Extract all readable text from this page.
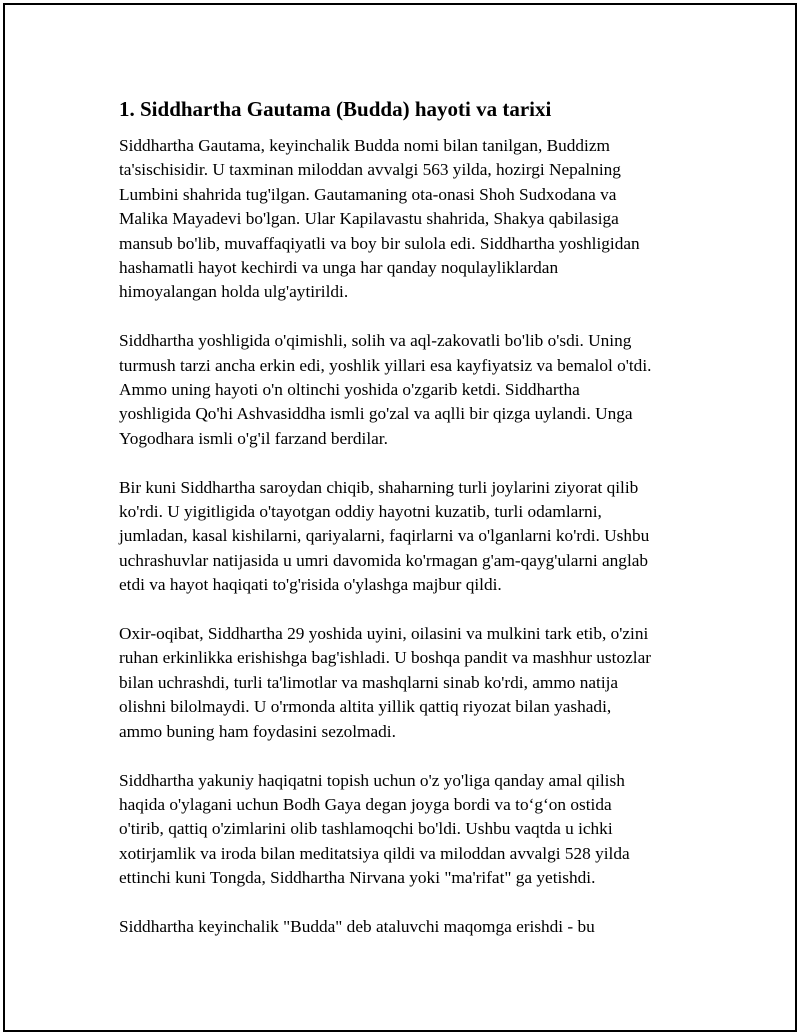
1. Siddhartha Gautama (Budda) hayoti va tarixi

Siddhartha Gautama, keyinchalik Budda nomi bilan tanilgan, Buddizm
ta'sischisidir. U taxminan miloddan avvalgi 563 yilda, hozirgi Nepalning
Lumbini shahrida tug'ilgan. Gautamaning ota-onasi Shoh Sudxodana va
Malika Mayadevi bo'lgan. Ular Kapilavastu shahrida, Shakya qabilasiga
mansub bo'lib, muvaffaqiyatli va boy bir sulola edi. Siddhartha yoshligidan
hashamatli hayot kechirdi va unga har qanday noqulayliklardan
himoyalangan holda ulg'aytirildi.

Siddhartha yoshligida o'qimishli, solih va aql-zakovatli bo'lib o'sdi. Uning
turmush tarzi ancha erkin edi, yoshlik yillari esa kayfiyatsiz va bemalol o'tdi.
Ammo uning hayoti o'n oltinchi yoshida o'zgarib ketdi. Siddhartha
yoshligida Qo'hi Ashvasiddha ismli go'zal va aqlli bir qizga uylandi. Unga
Yogodhara ismli o'g'il farzand berdilar.

Bir kuni Siddhartha saroydan chiqib, shaharning turli joylarini ziyorat qilib
ko'rdi. U yigitligida o'tayotgan oddiy hayotni kuzatib, turli odamlarni,
jumladan, kasal kishilarni, qariyalarni, faqirlarni va o'lganlarni ko'rdi. Ushbu
uchrashuvlar natijasida u umri davomida ko'rmagan g'am-qayg'ularni anglab
etdi va hayot haqiqati to'g'risida o'ylashga majbur qildi.

Oxir-oqibat, Siddhartha 29 yoshida uyini, oilasini va mulkini tark etib, o'zini
ruhan erkinlikka erishishga bag'ishladi. U boshqa pandit va mashhur ustozlar
bilan uchrashdi, turli ta'limotlar va mashqlarni sinab ko'rdi, ammo natija
olishni bilolmaydi. U o'rmonda altita yillik qattiq riyozat bilan yashadi,
ammo buning ham foydasini sezolmadi.

Siddhartha yakuniy haqiqatni topish uchun o'z yo'liga qanday amal qilish
haqida o'ylagani uchun Bodh Gaya degan joyga bordi va to‘g‘on ostida
o'tirib, qattiq o'zimlarini olib tashlamoqchi bo'ldi. Ushbu vaqtda u ichki
xotirjamlik va iroda bilan meditatsiya qildi va miloddan avvalgi 528 yilda
ettinchi kuni Tongda, Siddhartha Nirvana yoki "ma'rifat" ga yetishdi.

Siddhartha keyinchalik "Budda" deb ataluvchi maqomga erishdi - bu
